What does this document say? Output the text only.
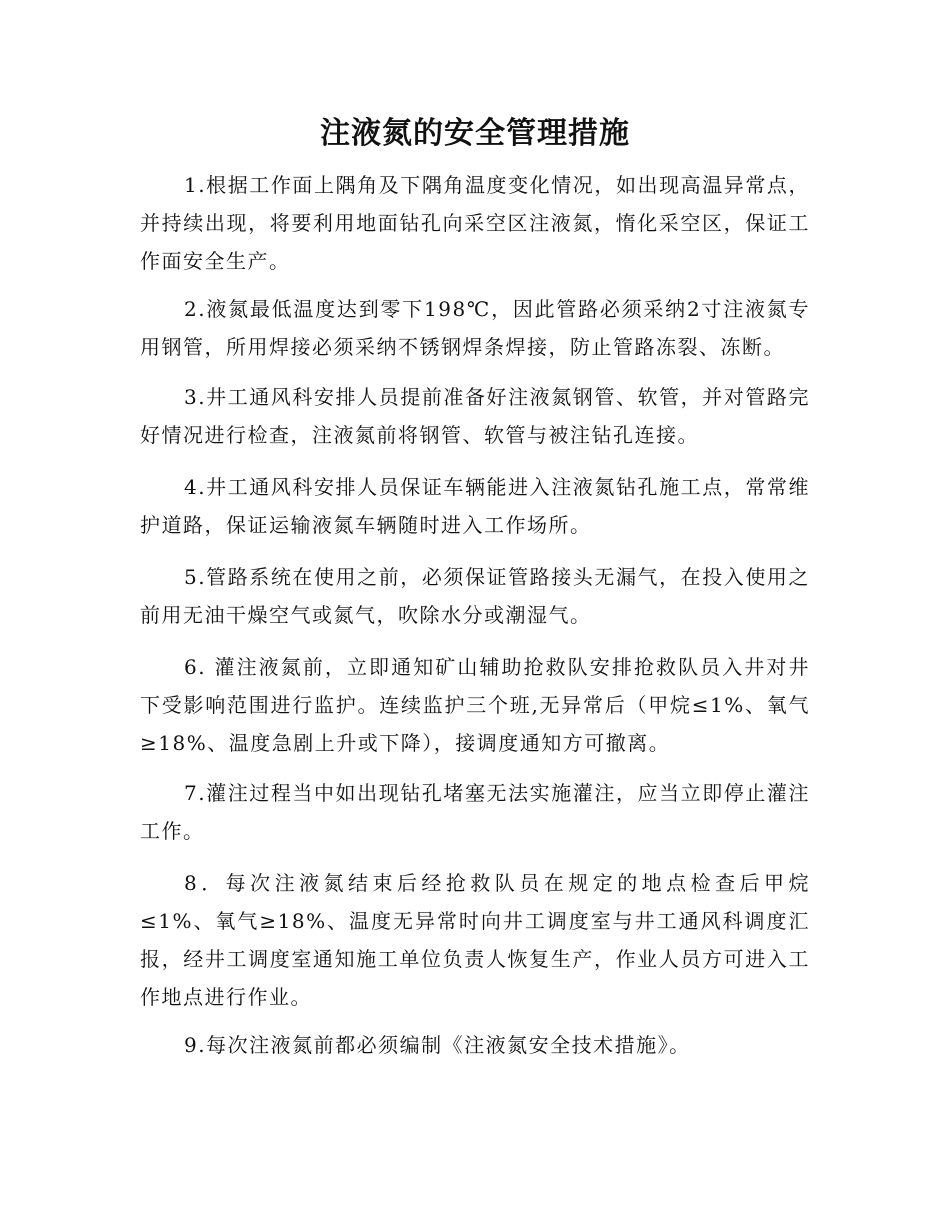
注液氮的安全管理措施

1.根据工作面上隅角及下隅角温度变化情况，如出现高温异常点，并持续出现，将要利用地面钻孔向采空区注液氮，惰化采空区，保证工作面安全生产。

2.液氮最低温度达到零下198℃，因此管路必须采纳2寸注液氮专用钢管，所用焊接必须采纳不锈钢焊条焊接，防止管路冻裂、冻断。

3.井工通风科安排人员提前准备好注液氮钢管、软管，并对管路完好情况进行检查，注液氮前将钢管、软管与被注钻孔连接。

4.井工通风科安排人员保证车辆能进入注液氮钻孔施工点，常常维护道路，保证运输液氮车辆随时进入工作场所。

5.管路系统在使用之前，必须保证管路接头无漏气，在投入使用之前用无油干燥空气或氮气，吹除水分或潮湿气。

6. 灌注液氮前，立即通知矿山辅助抢救队安排抢救队员入井对井下受影响范围进行监护。连续监护三个班,无异常后（甲烷≤1%、氧气≥18%、温度急剧上升或下降），接调度通知方可撤离。

7.灌注过程当中如出现钻孔堵塞无法实施灌注，应当立即停止灌注工作。

8．每次注液氮结束后经抢救队员在规定的地点检查后甲烷≤1%、氧气≥18%、温度无异常时向井工调度室与井工通风科调度汇报，经井工调度室通知施工单位负责人恢复生产，作业人员方可进入工作地点进行作业。

9.每次注液氮前都必须编制《注液氮安全技术措施》。
